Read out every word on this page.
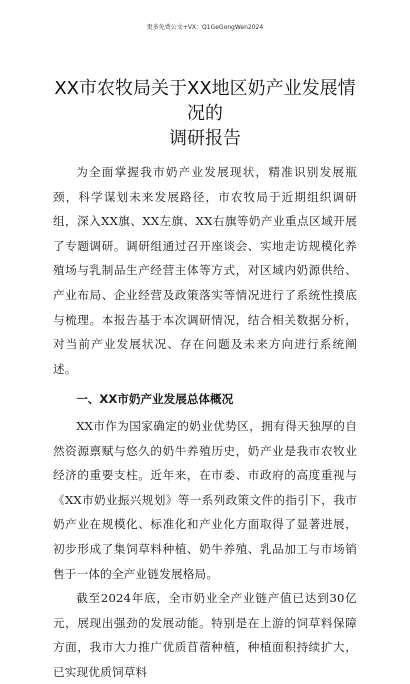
更多免费公文+VX：Q1GeGongWen2024
XX市农牧局关于XX地区奶产业发展情况的
调研报告

为全面掌握我市奶产业发展现状，精准识别发展瓶颈，科学谋划未来发展路径，市农牧局于近期组织调研组，深入XX旗、XX左旗、XX右旗等奶产业重点区域开展了专题调研。调研组通过召开座谈会、实地走访规模化养殖场与乳制品生产经营主体等方式，对区域内奶源供给、产业布局、企业经营及政策落实等情况进行了系统性摸底与梳理。本报告基于本次调研情况，结合相关数据分析，对当前产业发展状况、存在问题及未来方向进行系统阐述。

一、XX市奶产业发展总体概况

XX市作为国家确定的奶业优势区，拥有得天独厚的自然资源禀赋与悠久的奶牛养殖历史，奶产业是我市农牧业经济的重要支柱。近年来，在市委、市政府的高度重视与《XX市奶业振兴规划》等一系列政策文件的指引下，我市奶产业在规模化、标准化和产业化方面取得了显著进展，初步形成了集饲草料种植、奶牛养殖、乳品加工与市场销售于一体的全产业链发展格局。

截至2024年底，全市奶业全产业链产值已达到30亿元，展现出强劲的发展动能。特别是在上游的饲草料保障方面，我市大力推广优质苜蓿种植，种植面积持续扩大，已实现优质饲草料
